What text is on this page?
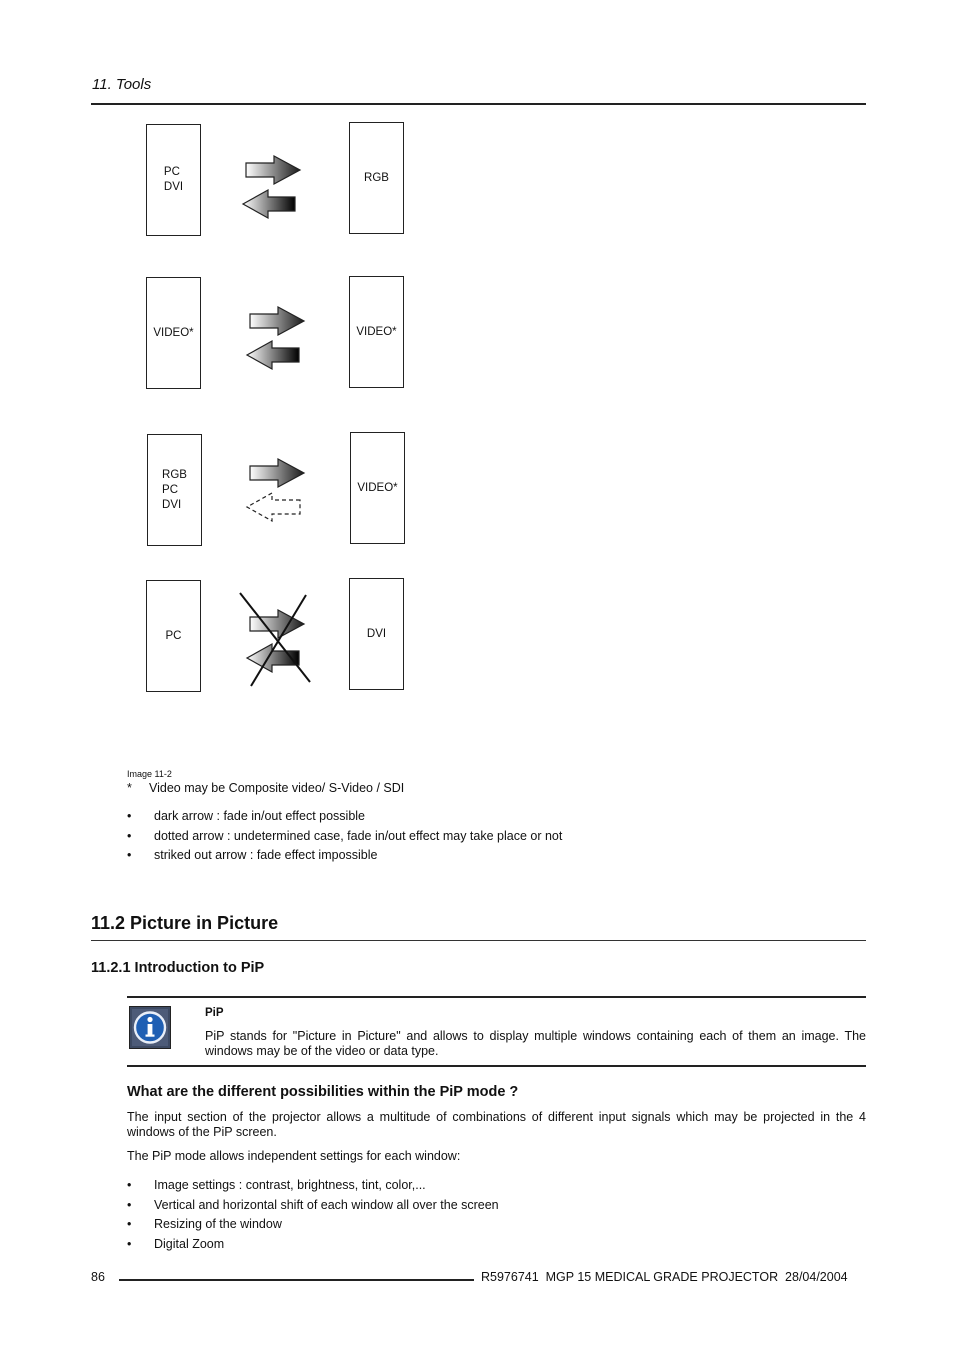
11. Tools
PC
DVI
RGB
VIDEO*	VIDEO*
RGB
PC
DVI
VIDEO*
PC	DVI
Image 11-2
* Video may be Composite video/ S-Video / SDI
• dark arrow : fade in/out effect possible
• dotted arrow : undetermined case, fade in/out effect may take place or not
• striked out arrow : fade effect impossible
11.2 Picture in Picture
11.2.1 Introduction to PiP
PiP
PiP stands for "Picture in Picture" and allows to display multiple windows containing each of them an image. The windows may be of the video or data type.
What are the different possibilities within the PiP mode ?
The input section of the projector allows a multitude of combinations of different input signals which may be projected in the 4 windows of the PiP screen.
The PiP mode allows independent settings for each window:
• Image settings : contrast, brightness, tint, color,...
• Vertical and horizontal shift of each window all over the screen
• Resizing of the window
• Digital Zoom
86	R5976741  MGP 15 MEDICAL GRADE PROJECTOR  28/04/2004
